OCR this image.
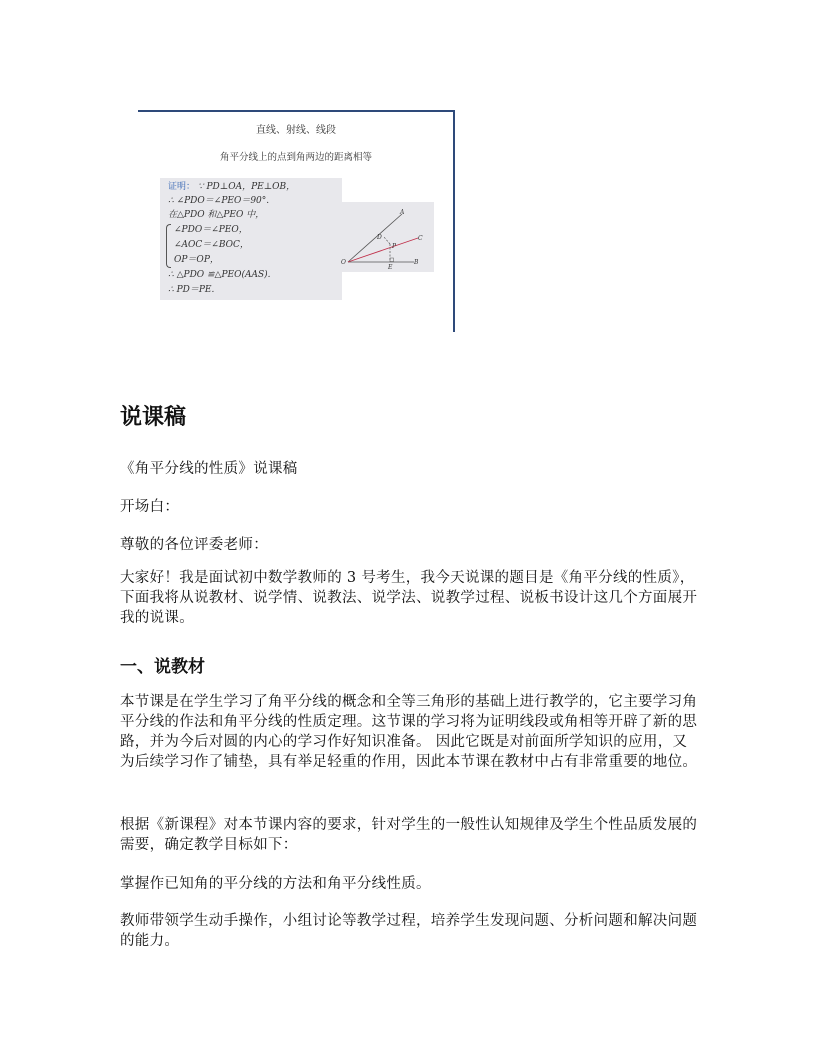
直线、射线、线段
角平分线上的点到角两边的距离相等
证明： ∵ PD⊥OA，PE⊥OB，
∴ ∠PDO＝∠PEO＝90°.
在△PDO 和△PEO 中，
∠PDO＝∠PEO，
∠AOC＝∠BOC，
OP＝OP，
∴ △PDO ≌△PEO(AAS).
∴ PD＝PE.
A
C
D
P
O
E
B
说课稿
《角平分线的性质》说课稿
开场白：
尊敬的各位评委老师：
大家好！我是面试初中数学教师的 3 号考生，我今天说课的题目是《角平分线的性质》，下面我将从说教材、说学情、说教法、说学法、说教学过程、说板书设计这几个方面展开我的说课。
一、说教材
本节课是在学生学习了角平分线的概念和全等三角形的基础上进行教学的，它主要学习角平分线的作法和角平分线的性质定理。这节课的学习将为证明线段或角相等开辟了新的思路，并为今后对圆的内心的学习作好知识准备。 因此它既是对前面所学知识的应用，又为后续学习作了铺垫，具有举足轻重的作用，因此本节课在教材中占有非常重要的地位。
根据《新课程》对本节课内容的要求，针对学生的一般性认知规律及学生个性品质发展的需要，确定教学目标如下：
掌握作已知角的平分线的方法和角平分线性质。
教师带领学生动手操作，小组讨论等教学过程，培养学生发现问题、分析问题和解决问题的能力。
